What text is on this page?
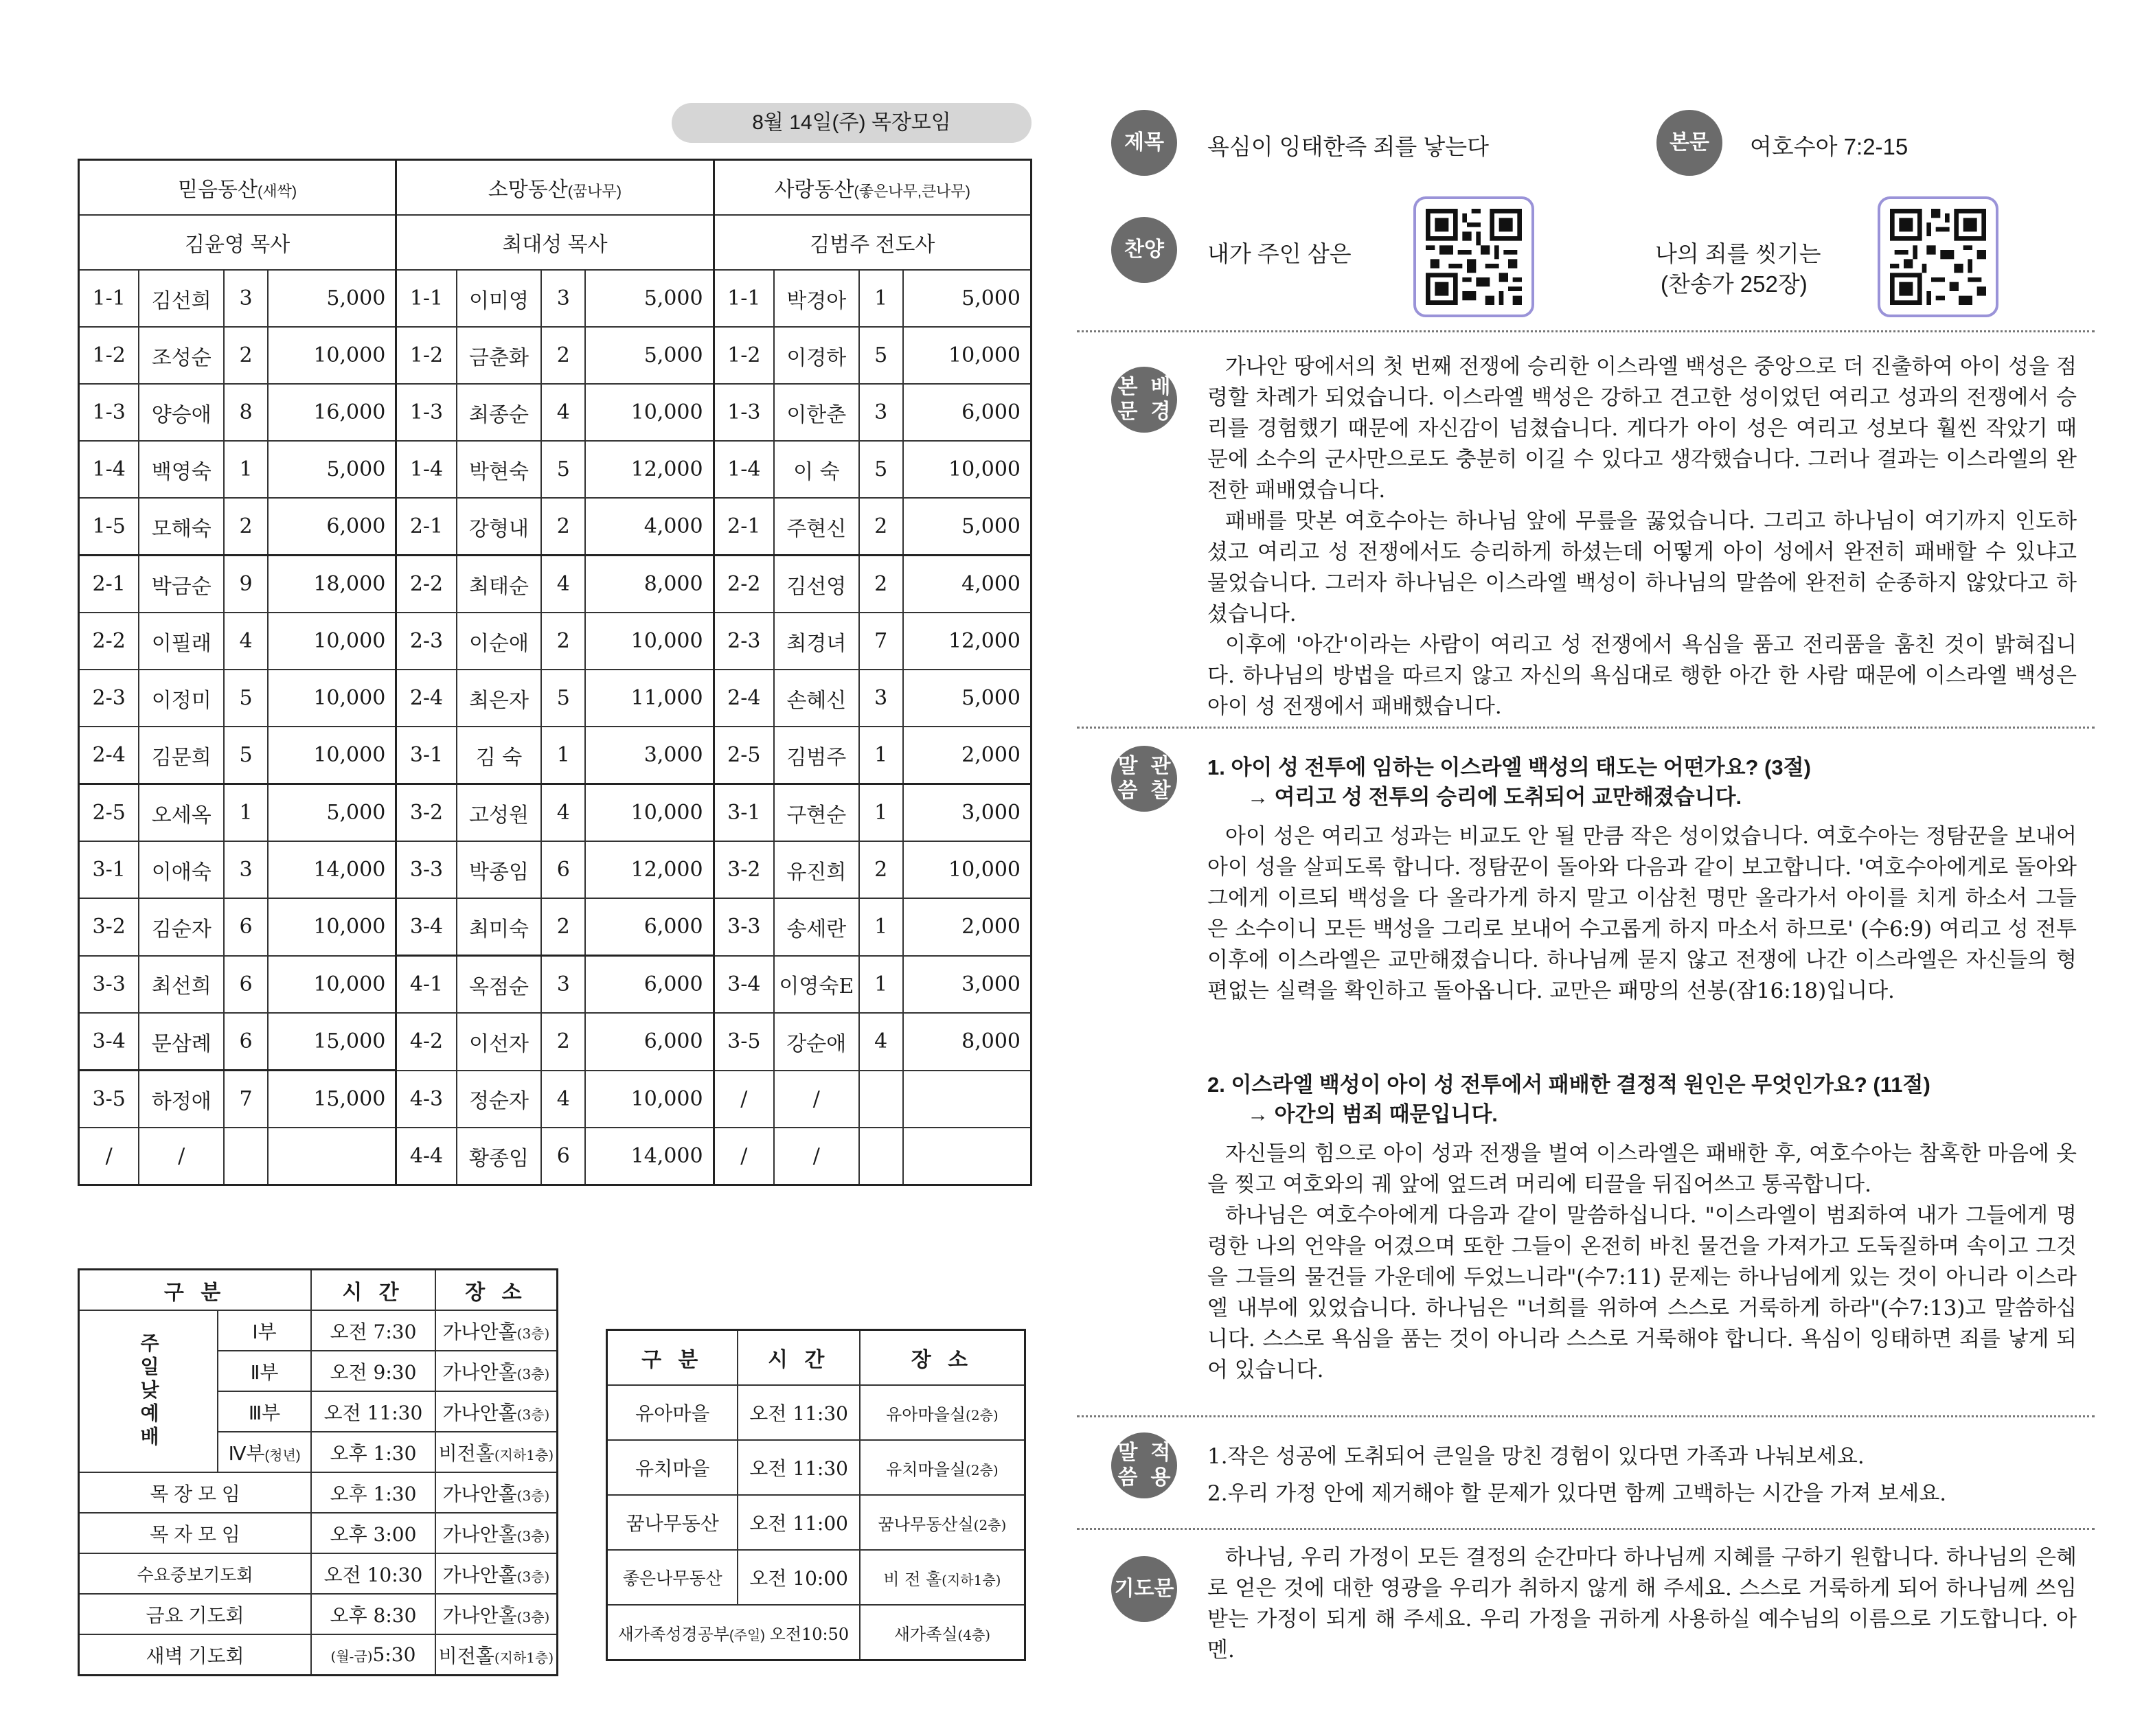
8월 14일(주) 목장모임
믿음동산(새싹)				소망동산(꿈나무)				사랑동산(좋은나무,큰나무)			
김윤영 목사				최대성 목사				김범주 전도사			
1-1	김선희	3	5,000	1-1	이미영	3	5,000	1-1	박경아	1	5,000
1-2	조성순	2	10,000	1-2	금춘화	2	5,000	1-2	이경하	5	10,000
1-3	양승애	8	16,000	1-3	최종순	4	10,000	1-3	이한춘	3	6,000
1-4	백영숙	1	5,000	1-4	박현숙	5	12,000	1-4	이 숙	5	10,000
1-5	모해숙	2	6,000	2-1	강형내	2	4,000	2-1	주현신	2	5,000
2-1	박금순	9	18,000	2-2	최태순	4	8,000	2-2	김선영	2	4,000
2-2	이필래	4	10,000	2-3	이순애	2	10,000	2-3	최경녀	7	12,000
2-3	이정미	5	10,000	2-4	최은자	5	11,000	2-4	손혜신	3	5,000
2-4	김문희	5	10,000	3-1	김 숙	1	3,000	2-5	김범주	1	2,000
2-5	오세옥	1	5,000	3-2	고성원	4	10,000	3-1	구현순	1	3,000
3-1	이애숙	3	14,000	3-3	박종임	6	12,000	3-2	유진희	2	10,000
3-2	김순자	6	10,000	3-4	최미숙	2	6,000	3-3	송세란	1	2,000
3-3	최선희	6	10,000	4-1	옥점순	3	6,000	3-4	이영숙E	1	3,000
3-4	문삼례	6	15,000	4-2	이선자	2	6,000	3-5	강순애	4	8,000
3-5	하정애	7	15,000	4-3	정순자	4	10,000	/	/		
/	/			4-4	황종임	6	14,000	/	/		
구 분		시 간	장 소
주일낮예배	Ⅰ부	오전 7:30	가나안홀(3층)
	Ⅱ부	오전 9:30	가나안홀(3층)
	Ⅲ부	오전 11:30	가나안홀(3층)
	Ⅳ부(청년)	오후 1:30	비전홀(지하1층)
목 장 모 임		오후 1:30	가나안홀(3층)
목 자 모 임		오후 3:00	가나안홀(3층)
수요중보기도회		오전 10:30	가나안홀(3층)
금요 기도회		오후 8:30	가나안홀(3층)
새벽 기도회		(월-금)5:30	비전홀(지하1층)
구 분	시 간	장 소
유아마을	오전 11:30	유아마을실(2층)
유치마을	오전 11:30	유치마을실(2층)
꿈나무동산	오전 11:00	꿈나무동산실(2층)
좋은나무동산	오전 10:00	비 전 홀(지하1층)
새가족성경공부(주일) 오전10:50		새가족실(4층)
제목	욕심이 잉태한즉 죄를 낳는다	본문	여호수아 7:2-15
찬양	내가 주인 삼은	나의 죄를 씻기는
(찬송가 252장)
본문

배경

가나안 땅에서의 첫 번째 전쟁에 승리한 이스라엘 백성은 중앙으로 더 진출하여 아이 성을 점령할 차례가 되었습니다. 이스라엘 백성은 강하고 견고한 성이었던 여리고 성과의 전쟁에서 승리를 경험했기 때문에 자신감이 넘쳤습니다. 게다가 아이 성은 여리고 성보다 훨씬 작았기 때문에 소수의 군사만으로도 충분히 이길 수 있다고 생각했습니다. 그러나 결과는 이스라엘의 완전한 패배였습니다.

패배를 맛본 여호수아는 하나님 앞에 무릎을 꿇었습니다. 그리고 하나님이 여기까지 인도하셨고 여리고 성 전쟁에서도 승리하게 하셨는데 어떻게 아이 성에서 완전히 패배할 수 있냐고 물었습니다. 그러자 하나님은 이스라엘 백성이 하나님의 말씀에 완전히 순종하지 않았다고 하셨습니다.

이후에 '아간'이라는 사람이 여리고 성 전쟁에서 욕심을 품고 전리품을 훔친 것이 밝혀집니다. 하나님의 방법을 따르지 않고 자신의 욕심대로 행한 아간 한 사람 때문에 이스라엘 백성은 아이 성 전쟁에서 패배했습니다.

말씀

관찰
1. 아이 성 전투에 임하는 이스라엘 백성의 태도는 어떤가요? (3절)
→ 여리고 성 전투의 승리에 도취되어 교만해졌습니다.

아이 성은 여리고 성과는 비교도 안 될 만큼 작은 성이었습니다. 여호수아는 정탐꾼을 보내어 아이 성을 살피도록 합니다. 정탐꾼이 돌아와 다음과 같이 보고합니다. '여호수아에게로 돌아와 그에게 이르되 백성을 다 올라가게 하지 말고 이삼천 명만 올라가서 아이를 치게 하소서 그들은 소수이니 모든 백성을 그리로 보내어 수고롭게 하지 마소서 하므로' (수6:9) 여리고 성 전투 이후에 이스라엘은 교만해졌습니다. 하나님께 묻지 않고 전쟁에 나간 이스라엘은 자신들의 형편없는 실력을 확인하고 돌아옵니다. 교만은 패망의 선봉(잠16:18)입니다.

2. 이스라엘 백성이 아이 성 전투에서 패배한 결정적 원인은 무엇인가요? (11절)
→ 아간의 범죄 때문입니다.

자신들의 힘으로 아이 성과 전쟁을 벌여 이스라엘은 패배한 후, 여호수아는 참혹한 마음에 옷을 찢고 여호와의 궤 앞에 엎드려 머리에 티끌을 뒤집어쓰고 통곡합니다.

하나님은 여호수아에게 다음과 같이 말씀하십니다. "이스라엘이 범죄하여 내가 그들에게 명령한 나의 언약을 어겼으며 또한 그들이 온전히 바친 물건을 가져가고 도둑질하며 속이고 그것을 그들의 물건들 가운데에 두었느니라"(수7:11) 문제는 하나님에게 있는 것이 아니라 이스라엘 내부에 있었습니다. 하나님은 "너희를 위하여 스스로 거룩하게 하라"(수7:13)고 말씀하십니다. 스스로 욕심을 품는 것이 아니라 스스로 거룩해야 합니다. 욕심이 잉태하면 죄를 낳게 되어 있습니다.

말씀

적용
1.작은 성공에 도취되어 큰일을 망친 경험이 있다면 가족과 나눠보세요.
2.우리 가정 안에 제거해야 할 문제가 있다면 함께 고백하는 시간을 가져 보세요.
기도문

하나님, 우리 가정이 모든 결정의 순간마다 하나님께 지혜를 구하기 원합니다. 하나님의 은혜로 얻은 것에 대한 영광을 우리가 취하지 않게 해 주세요. 스스로 거룩하게 되어 하나님께 쓰임 받는 가정이 되게 해 주세요. 우리 가정을 귀하게 사용하실 예수님의 이름으로 기도합니다. 아멘.
